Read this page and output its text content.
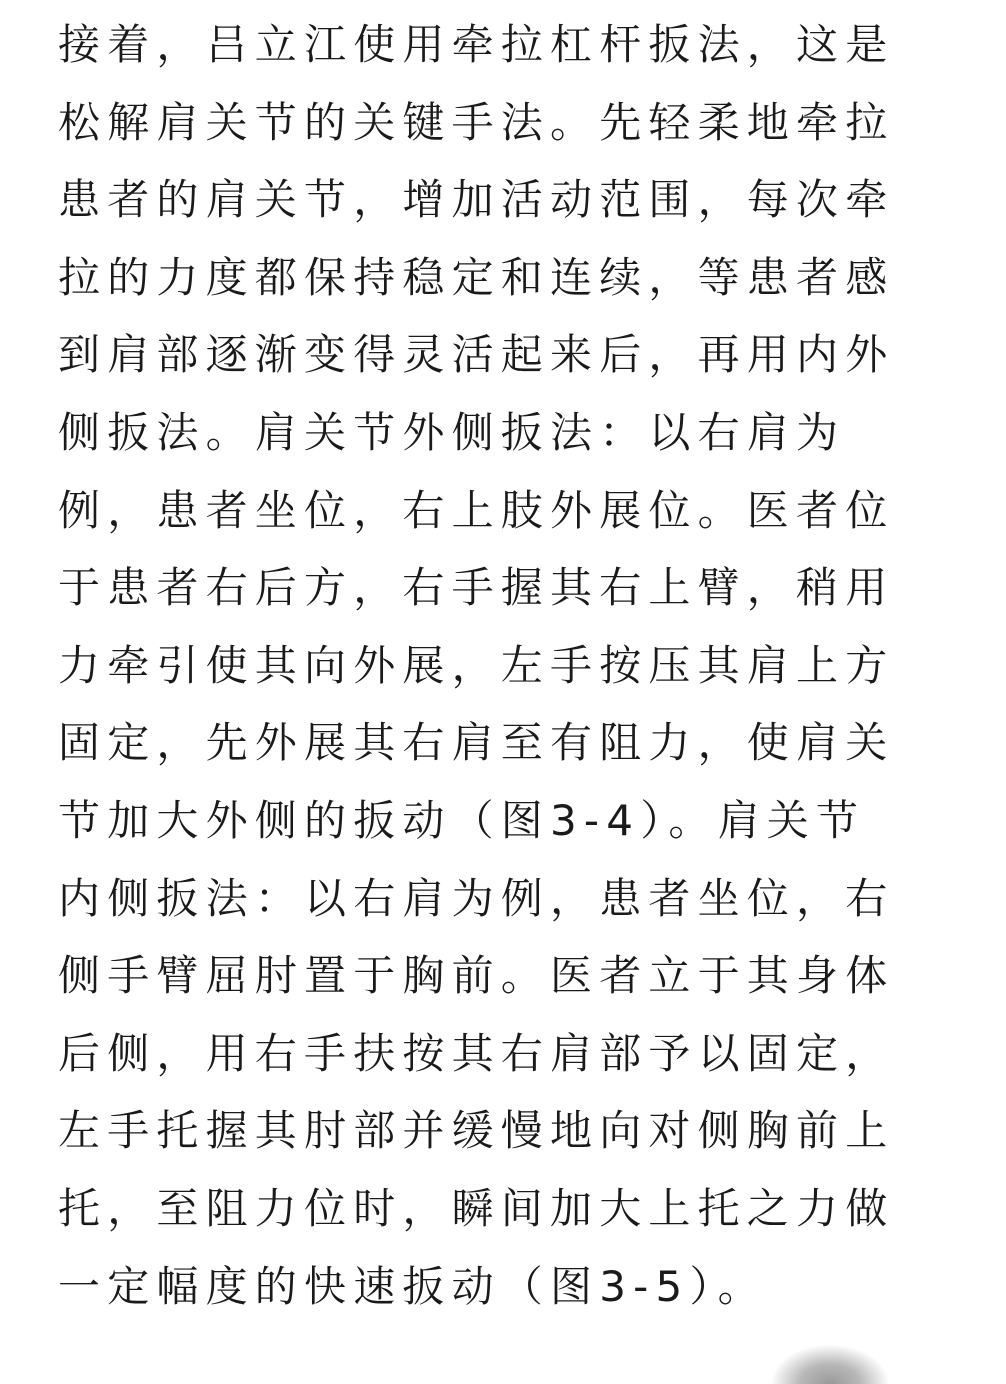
接着，吕立江使用牵拉杠杆扳法，这是
松解肩关节的关键手法。先轻柔地牵拉
患者的肩关节，增加活动范围，每次牵
拉的力度都保持稳定和连续，等患者感
到肩部逐渐变得灵活起来后，再用内外
侧扳法。肩关节外侧扳法：以右肩为
例，患者坐位，右上肢外展位。医者位
于患者右后方，右手握其右上臂，稍用
力牵引使其向外展，左手按压其肩上方
固定，先外展其右肩至有阻力，使肩关
节加大外侧的扳动（图3-4）。肩关节
内侧扳法：以右肩为例，患者坐位，右
侧手臂屈肘置于胸前。医者立于其身体
后侧，用右手扶按其右肩部予以固定，
左手托握其肘部并缓慢地向对侧胸前上
托，至阻力位时，瞬间加大上托之力做
一定幅度的快速扳动（图3-5）。
